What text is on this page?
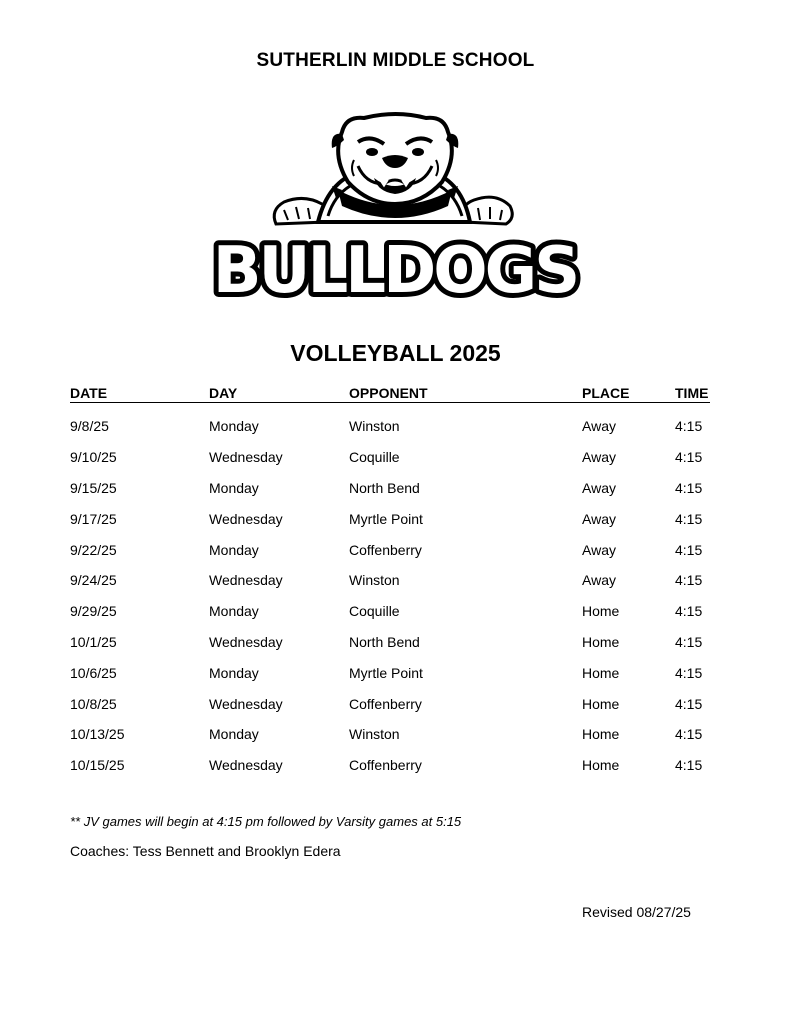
SUTHERLIN MIDDLE SCHOOL
BULLDOGS
VOLLEYBALL 2025
DATE	DAY	OPPONENT	PLACE	TIME
9/8/25	Monday	Winston	Away	4:15
9/10/25	Wednesday	Coquille	Away	4:15
9/15/25	Monday	North Bend	Away	4:15
9/17/25	Wednesday	Myrtle Point	Away	4:15
9/22/25	Monday	Coffenberry	Away	4:15
9/24/25	Wednesday	Winston	Away	4:15
9/29/25	Monday	Coquille	Home	4:15
10/1/25	Wednesday	North Bend	Home	4:15
10/6/25	Monday	Myrtle Point	Home	4:15
10/8/25	Wednesday	Coffenberry	Home	4:15
10/13/25	Monday	Winston	Home	4:15
10/15/25	Wednesday	Coffenberry	Home	4:15
** JV games will begin at 4:15 pm followed by Varsity games at 5:15
Coaches: Tess Bennett and Brooklyn Edera
Revised 08/27/25
